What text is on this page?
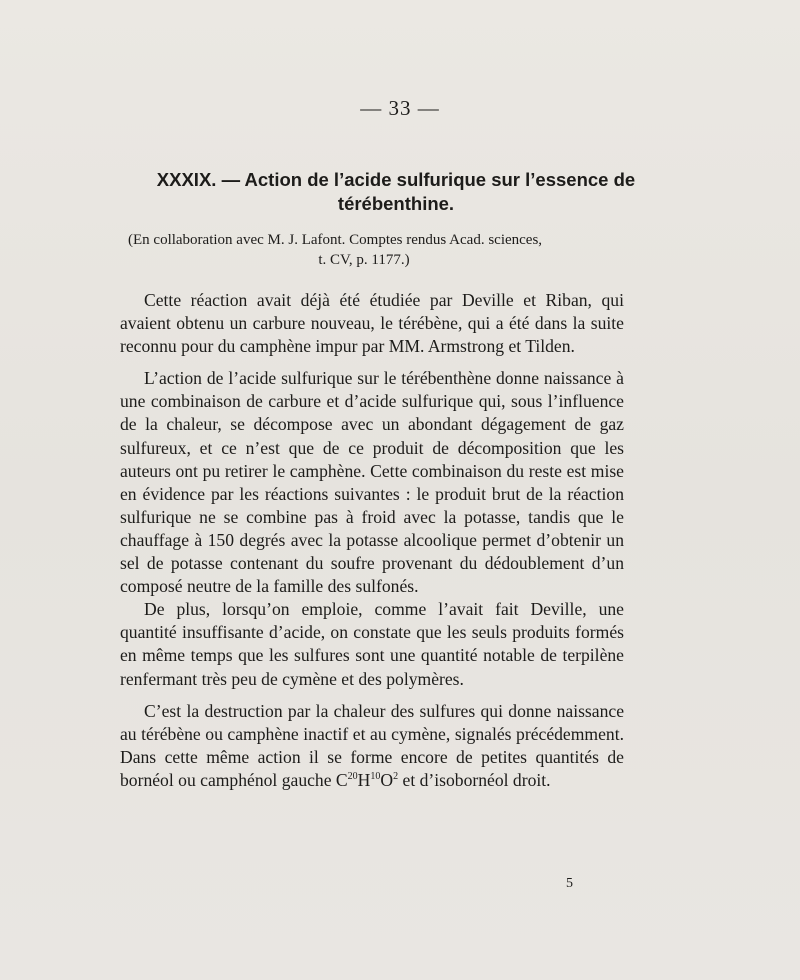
— 33 —
XXXIX. — Action de l’acide sulfurique sur l’essence de térébenthine.
(En collaboration avec M. J. Lafont. Comptes rendus Acad. sciences,
t. CV, p. 1177.)

Cette réaction avait déjà été étudiée par Deville et Riban, qui avaient obtenu un carbure nouveau, le térébène, qui a été dans la suite reconnu pour du camphène impur par MM. Armstrong et Tilden.

L’action de l’acide sulfurique sur le térébenthène donne naissance à une combinaison de carbure et d’acide sulfurique qui, sous l’influence de la chaleur, se décompose avec un abondant dégagement de gaz sulfureux, et ce n’est que de ce produit de décomposition que les auteurs ont pu retirer le camphène. Cette combinaison du reste est mise en évidence par les réactions suivantes : le produit brut de la réaction sulfurique ne se combine pas à froid avec la potasse, tandis que le chauffage à 150 degrés avec la potasse alcoolique permet d’obtenir un sel de potasse contenant du soufre provenant du dédoublement d’un composé neutre de la famille des sulfonés.

De plus, lorsqu’on emploie, comme l’avait fait Deville, une quantité insuffisante d’acide, on constate que les seuls produits formés en même temps que les sulfures sont une quantité notable de terpilène renfermant très peu de cymène et des polymères.

C’est la destruction par la chaleur des sulfures qui donne naissance au térébène ou camphène inactif et au cymène, signalés précédemment. Dans cette même action il se forme encore de petites quantités de bornéol ou camphénol gauche $C^{20}H^{10}O^2$ et d’isobornéol droit.

5
